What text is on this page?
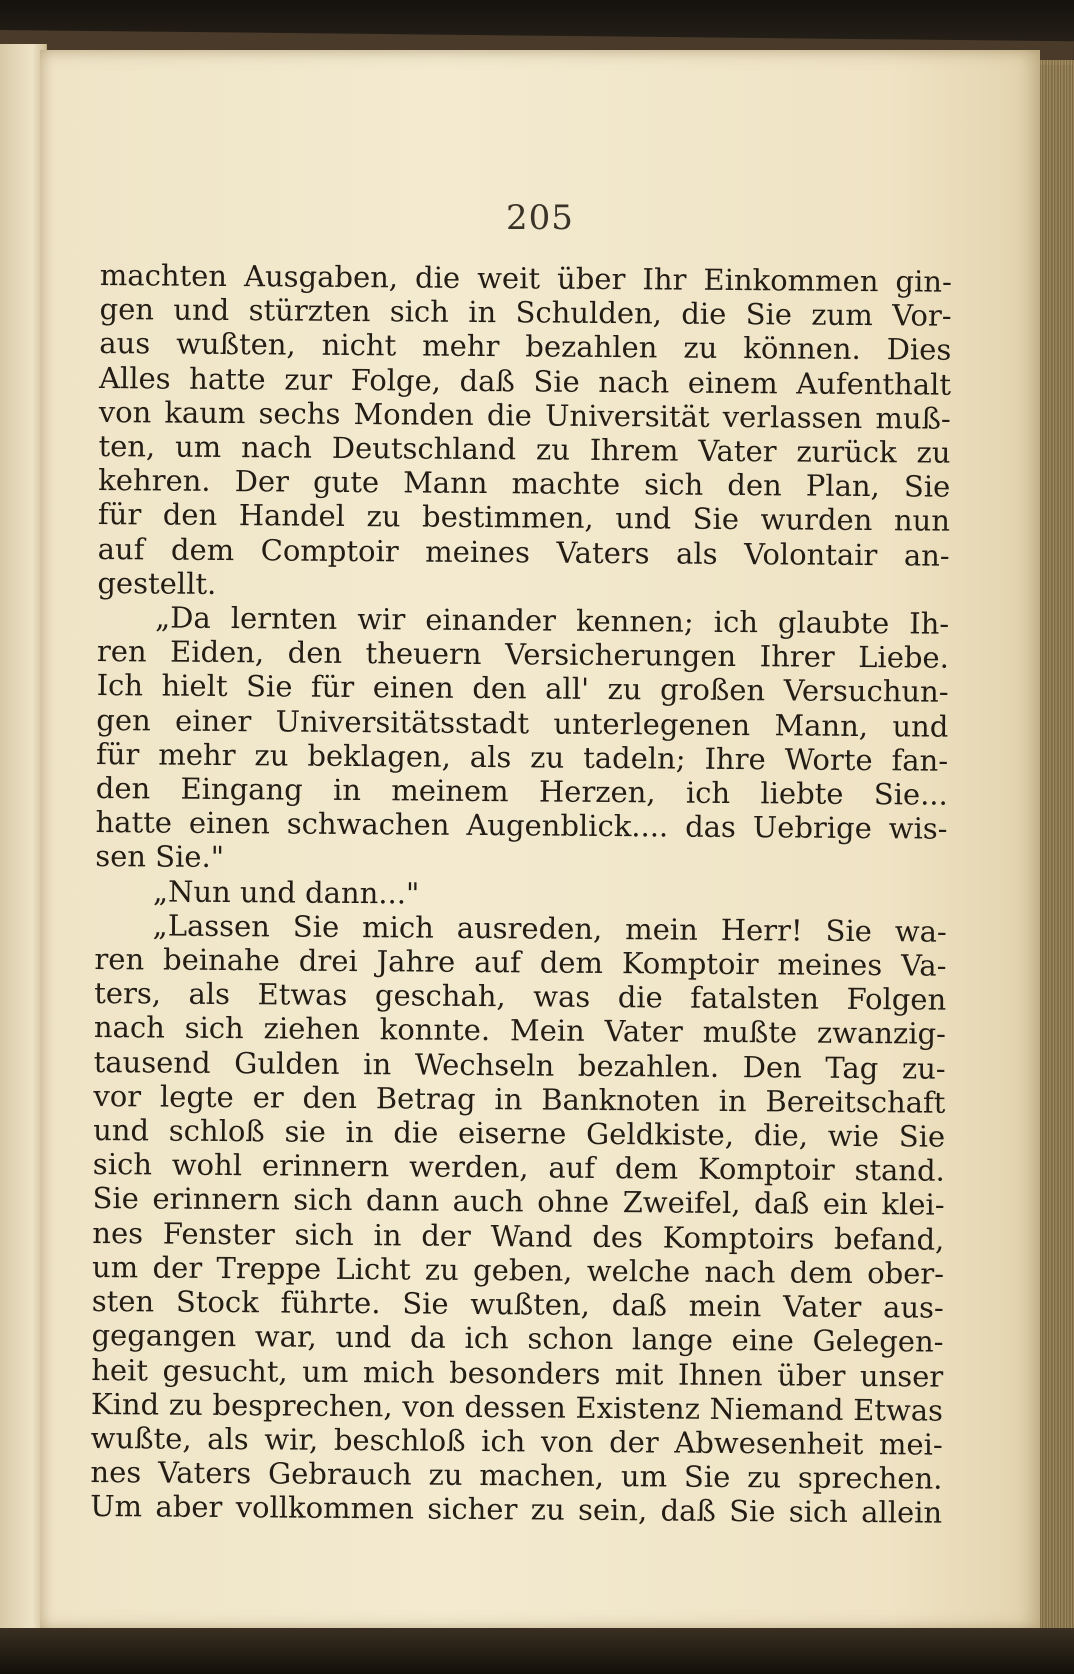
205
machten Ausgaben, die weit über Ihr Einkommen gin-
gen und stürzten sich in Schulden, die Sie zum Vor-
aus wußten, nicht mehr bezahlen zu können. Dies
Alles hatte zur Folge, daß Sie nach einem Aufenthalt
von kaum sechs Monden die Universität verlassen muß-
ten, um nach Deutschland zu Ihrem Vater zurück zu
kehren. Der gute Mann machte sich den Plan, Sie
für den Handel zu bestimmen, und Sie wurden nun
auf dem Comptoir meines Vaters als Volontair an-
gestellt.
„Da lernten wir einander kennen; ich glaubte Ih-
ren Eiden, den theuern Versicherungen Ihrer Liebe.
Ich hielt Sie für einen den all' zu großen Versuchun-
gen einer Universitätsstadt unterlegenen Mann, und
für mehr zu beklagen, als zu tadeln; Ihre Worte fan-
den Eingang in meinem Herzen, ich liebte Sie...
hatte einen schwachen Augenblick.... das Uebrige wis-
sen Sie."
„Nun und dann..."
„Lassen Sie mich ausreden, mein Herr! Sie wa-
ren beinahe drei Jahre auf dem Komptoir meines Va-
ters, als Etwas geschah, was die fatalsten Folgen
nach sich ziehen konnte. Mein Vater mußte zwanzig-
tausend Gulden in Wechseln bezahlen. Den Tag zu-
vor legte er den Betrag in Banknoten in Bereitschaft
und schloß sie in die eiserne Geldkiste, die, wie Sie
sich wohl erinnern werden, auf dem Komptoir stand.
Sie erinnern sich dann auch ohne Zweifel, daß ein klei-
nes Fenster sich in der Wand des Komptoirs befand,
um der Treppe Licht zu geben, welche nach dem ober-
sten Stock führte. Sie wußten, daß mein Vater aus-
gegangen war, und da ich schon lange eine Gelegen-
heit gesucht, um mich besonders mit Ihnen über unser
Kind zu besprechen, von dessen Existenz Niemand Etwas
wußte, als wir, beschloß ich von der Abwesenheit mei-
nes Vaters Gebrauch zu machen, um Sie zu sprechen.
Um aber vollkommen sicher zu sein, daß Sie sich allein
